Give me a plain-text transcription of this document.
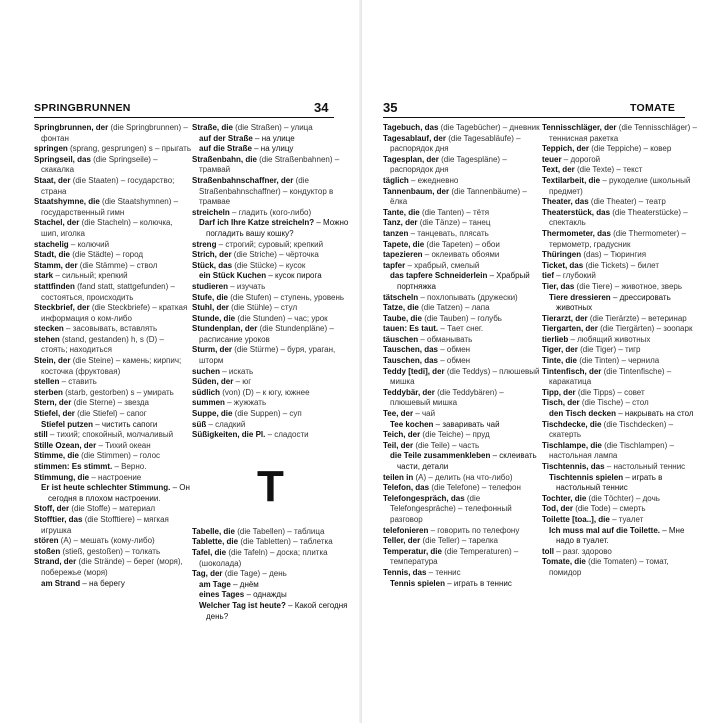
SPRINGBRUNNEN	34

Springbrunnen, der (die Springbrunnen) – фонтан

springen (sprang, gesprungen) s – прыгать

Springseil, das (die Springseile) – скакалка

Staat, der (die Staaten) – государство; страна

Staatshymne, die (die Staatshymnen) – государственный гимн

Stachel, der (die Stacheln) – колючка, шип, иголка

stachelig – колючий

Stadt, die (die Städte) – город

Stamm, der (die Stämme) – ствол

stark – сильный; крепкий

stattfinden (fand statt, stattgefunden) – состояться, происходить

Steckbrief, der (die Steckbriefe) – краткая информация о ком-либо

stecken – засовывать, вставлять

stehen (stand, gestanden) h, s (D) – стоять; находиться

Stein, der (die Steine) – камень; кирпич; косточка (фруктовая)

stellen – ставить

sterben (starb, gestorben) s – умирать

Stern, der (die Sterne) – звезда

Stiefel, der (die Stiefel) – сапог

Stiefel putzen – чистить сапоги

still – тихий; спокойный, молчаливый

Stille Ozean, der – Тихий океан

Stimme, die (die Stimmen) – голос

stimmen: Es stimmt. – Верно.

Stimmung, die – настроение

Er ist heute schlechter Stimmung. – Он сегодня в плохом настроении.

Stoff, der (die Stoffe) – материал

Stofftier, das (die Stofftiere) – мягкая игрушка

stören (A) – мешать (кому-либо)

stoßen (stieß, gestoßen) – толкать

Strand, der (die Strände) – берег (моря), побережье (моря)

am Strand – на берегу

Straße, die (die Straßen) – улица

auf der Straße – на улице

auf die Straße – на улицу

Straßenbahn, die (die Straßenbahnen) – трамвай

Straßenbahnschaffner, der (die Straßenbahnschaffner) – кондуктор в трамвае

streicheln – гладить (кого-либо)

Darf ich Ihre Katze streicheln? – Можно погладить вашу кошку?

streng – строгий; суровый; крепкий

Strich, der (die Striche) – чёрточка

Stück, das (die Stücke) – кусок

ein Stück Kuchen – кусок пирога

studieren – изучать

Stufe, die (die Stufen) – ступень, уровень

Stuhl, der (die Stühle) – стул

Stunde, die (die Stunden) – час; урок

Stundenplan, der (die Stundenpläne) – расписание уроков

Sturm, der (die Stürme) – буря, ураган, шторм

suchen – искать

Süden, der – юг

südlich (von) (D) – к югу, южнее

summen – жужжать

Suppe, die (die Suppen) – суп

süß – сладкий

Süßigkeiten, die Pl. – сладости

T

Tabelle, die (die Tabellen) – таблица

Tablette, die (die Tabletten) – таблетка

Tafel, die (die Tafeln) – доска; плитка (шоколада)

Tag, der (die Tage) – день

am Tage – днём

eines Tages – однажды

Welcher Tag ist heute? – Какой сегодня день?

35	TOMATE

Tagebuch, das (die Tagebücher) – дневник

Tagesablauf, der (die Tagesabläufe) – распорядок дня

Tagesplan, der (die Tagespläne) – распорядок дня

täglich – ежедневно

Tannenbaum, der (die Tannenbäume) – ёлка

Tante, die (die Tanten) – тётя

Tanz, der (die Tänze) – танец

tanzen – танцевать, плясать

Tapete, die (die Tapeten) – обои

tapezieren – оклеивать обоями

tapfer – храбрый, смелый

das tapfere Schneiderlein – Храбрый портняжка

tätscheln – похлопывать (дружески)

Tatze, die (die Tatzen) – лапа

Taube, die (die Tauben) – голубь

tauen: Es taut. – Тает снег.

täuschen – обманывать

Tauschen, das – обмен

Tauschen, das – обмен

Teddy [tedi], der (die Teddys) – плюшевый мишка

Teddybär, der (die Teddybären) – плюшевый мишка

Tee, der – чай

Tee kochen – заваривать чай

Teich, der (die Teiche) – пруд

Teil, der (die Teile) – часть

die Teile zusammenkleben – склеивать части, детали

teilen in (A) – делить (на что-либо)

Telefon, das (die Telefone) – телефон

Telefongespräch, das (die Telefongespräche) – телефонный разговор

telefonieren – говорить по телефону

Teller, der (die Teller) – тарелка

Temperatur, die (die Temperaturen) – температура

Tennis, das – теннис

Tennis spielen – играть в теннис

Tennisschläger, der (die Tennisschläger) – теннисная ракетка

Teppich, der (die Teppiche) – ковер

teuer – дорогой

Text, der (die Texte) – текст

Textilarbeit, die – рукоделие (школьный предмет)

Theater, das (die Theater) – театр

Theaterstück, das (die Theaterstücke) – спектакль

Thermometer, das (die Thermometer) – термометр, градусник

Thüringen (das) – Тюрингия

Ticket, das (die Tickets) – билет

tief – глубокий

Tier, das (die Tiere) – животное, зверь

Tiere dressieren – дрессировать животных

Tierarzt, der (die Tierärzte) – ветеринар

Tiergarten, der (die Tiergärten) – зоопарк

tierlieb – любящий животных

Tiger, der (die Tiger) – тигр

Tinte, die (die Tinten) – чернила

Tintenfisch, der (die Tintenfische) – каракатица

Tipp, der (die Tipps) – совет

Tisch, der (die Tische) – стол

den Tisch decken – накрывать на стол

Tischdecke, die (die Tischdecken) – скатерть

Tischlampe, die (die Tischlampen) – настольная лампа

Tischtennis, das – настольный теннис

Tischtennis spielen – играть в настольный теннис

Tochter, die (die Töchter) – дочь

Tod, der (die Tode) – смерть

Toilette [toa..], die – туалет

Ich muss mal auf die Toilette. – Мне надо в туалет.

toll – разг. здорово

Tomate, die (die Tomaten) – томат, помидор
